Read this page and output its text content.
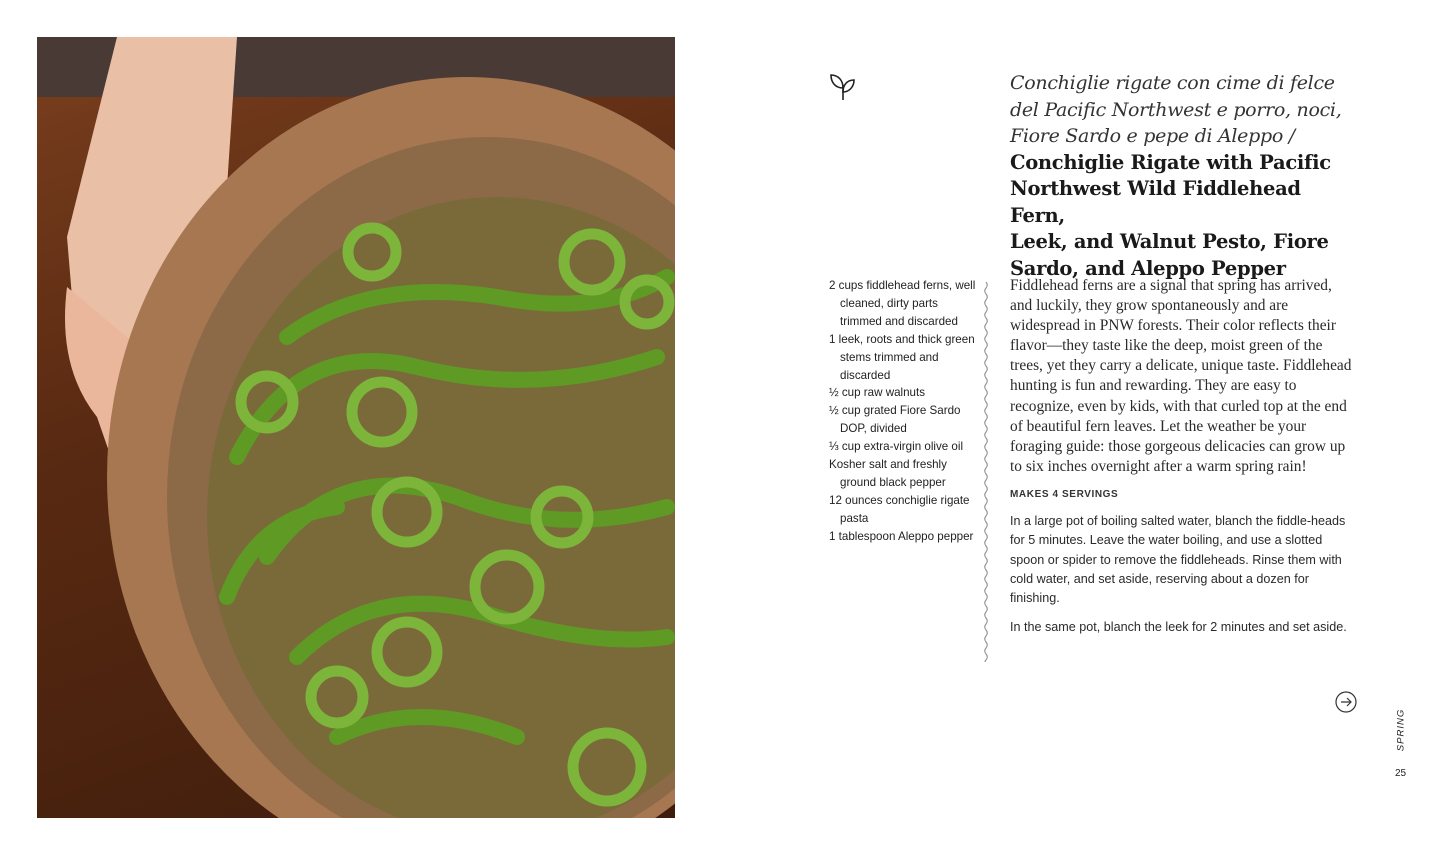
Conchiglie rigate con cime di felce
del Pacific Northwest e porro, noci,
Fiore Sardo e pepe di Aleppo /
Conchiglie Rigate with Pacific
Northwest Wild Fiddlehead Fern,
Leek, and Walnut Pesto, Fiore
Sardo, and Aleppo Pepper
2 cups fiddlehead ferns, well cleaned, dirty parts trimmed and discarded
1 leek, roots and thick green stems trimmed and discarded
½ cup raw walnuts
½ cup grated Fiore Sardo DOP, divided
⅓ cup extra-virgin olive oil
Kosher salt and freshly ground black pepper
12 ounces conchiglie rigate pasta
1 tablespoon Aleppo pepper

Fiddlehead ferns are a signal that spring has arrived, and luckily, they grow spontaneously and are widespread in PNW forests. Their color reflects their flavor—they taste like the deep, moist green of the trees, yet they carry a delicate, unique taste. Fiddlehead hunting is fun and rewarding. They are easy to recognize, even by kids, with that curled top at the end of beautiful fern leaves. Let the weather be your foraging guide: those gorgeous delicacies can grow up to six inches overnight after a warm spring rain!

MAKES 4 SERVINGS

In a large pot of boiling salted water, blanch the fiddle-heads for 5 minutes. Leave the water boiling, and use a slotted spoon or spider to remove the fiddleheads. Rinse them with cold water, and set aside, reserving about a dozen for finishing.

In the same pot, blanch the leek for 2 minutes and set aside.

SPRING
25
